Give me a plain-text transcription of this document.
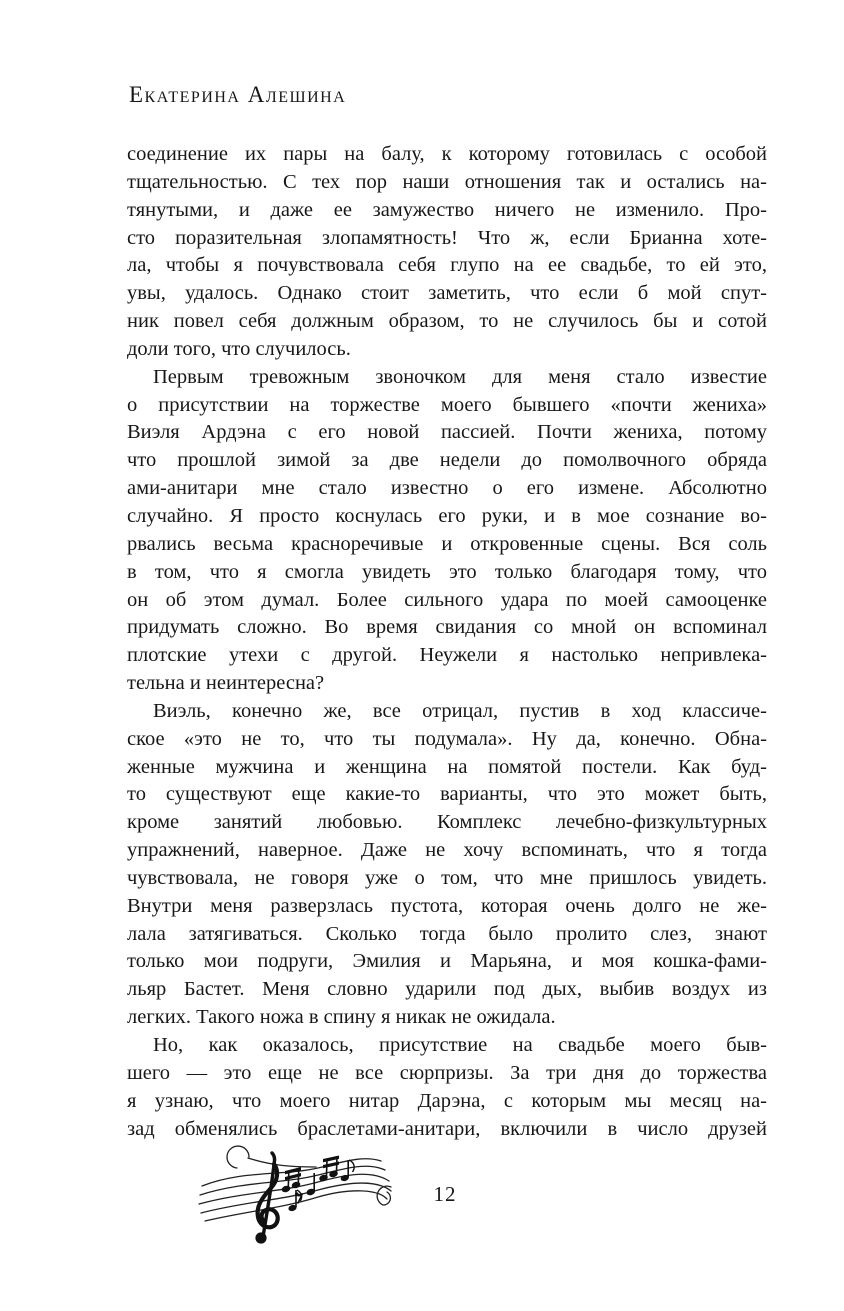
Екатерина Алешина
соединение их пары на балу, к которому готовилась с особой
тщательностью. С тех пор наши отношения так и остались на-
тянутыми, и даже ее замужество ничего не изменило. Про-
сто поразительная злопамятность! Что ж, если Брианна хоте-
ла, чтобы я почувствовала себя глупо на ее свадьбе, то ей это,
увы, удалось. Однако стоит заметить, что если б мой спут-
ник повел себя должным образом, то не случилось бы и сотой
доли того, что случилось.
Первым тревожным звоночком для меня стало известие
о присутствии на торжестве моего бывшего «почти жениха»
Виэля Ардэна с его новой пассией. Почти жениха, потому
что прошлой зимой за две недели до помолвочного обряда
ами-анитари мне стало известно о его измене. Абсолютно
случайно. Я просто коснулась его руки, и в мое сознание во-
рвались весьма красноречивые и откровенные сцены. Вся соль
в том, что я смогла увидеть это только благодаря тому, что
он об этом думал. Более сильного удара по моей самооценке
придумать сложно. Во время свидания со мной он вспоминал
плотские утехи с другой. Неужели я настолько непривлека-
тельна и неинтересна?
Виэль, конечно же, все отрицал, пустив в ход классиче-
ское «это не то, что ты подумала». Ну да, конечно. Обна-
женные мужчина и женщина на помятой постели. Как буд-
то существуют еще какие-то варианты, что это может быть,
кроме занятий любовью. Комплекс лечебно-физкультурных
упражнений, наверное. Даже не хочу вспоминать, что я тогда
чувствовала, не говоря уже о том, что мне пришлось увидеть.
Внутри меня разверзлась пустота, которая очень долго не же-
лала затягиваться. Сколько тогда было пролито слез, знают
только мои подруги, Эмилия и Марьяна, и моя кошка-фами-
льяр Бастет. Меня словно ударили под дых, выбив воздух из
легких. Такого ножа в спину я никак не ожидала.
Но, как оказалось, присутствие на свадьбе моего быв-
шего — это еще не все сюрпризы. За три дня до торжества
я узнаю, что моего нитар Дарэна, с которым мы месяц на-
зад обменялись браслетами-анитари, включили в число друзей
12
